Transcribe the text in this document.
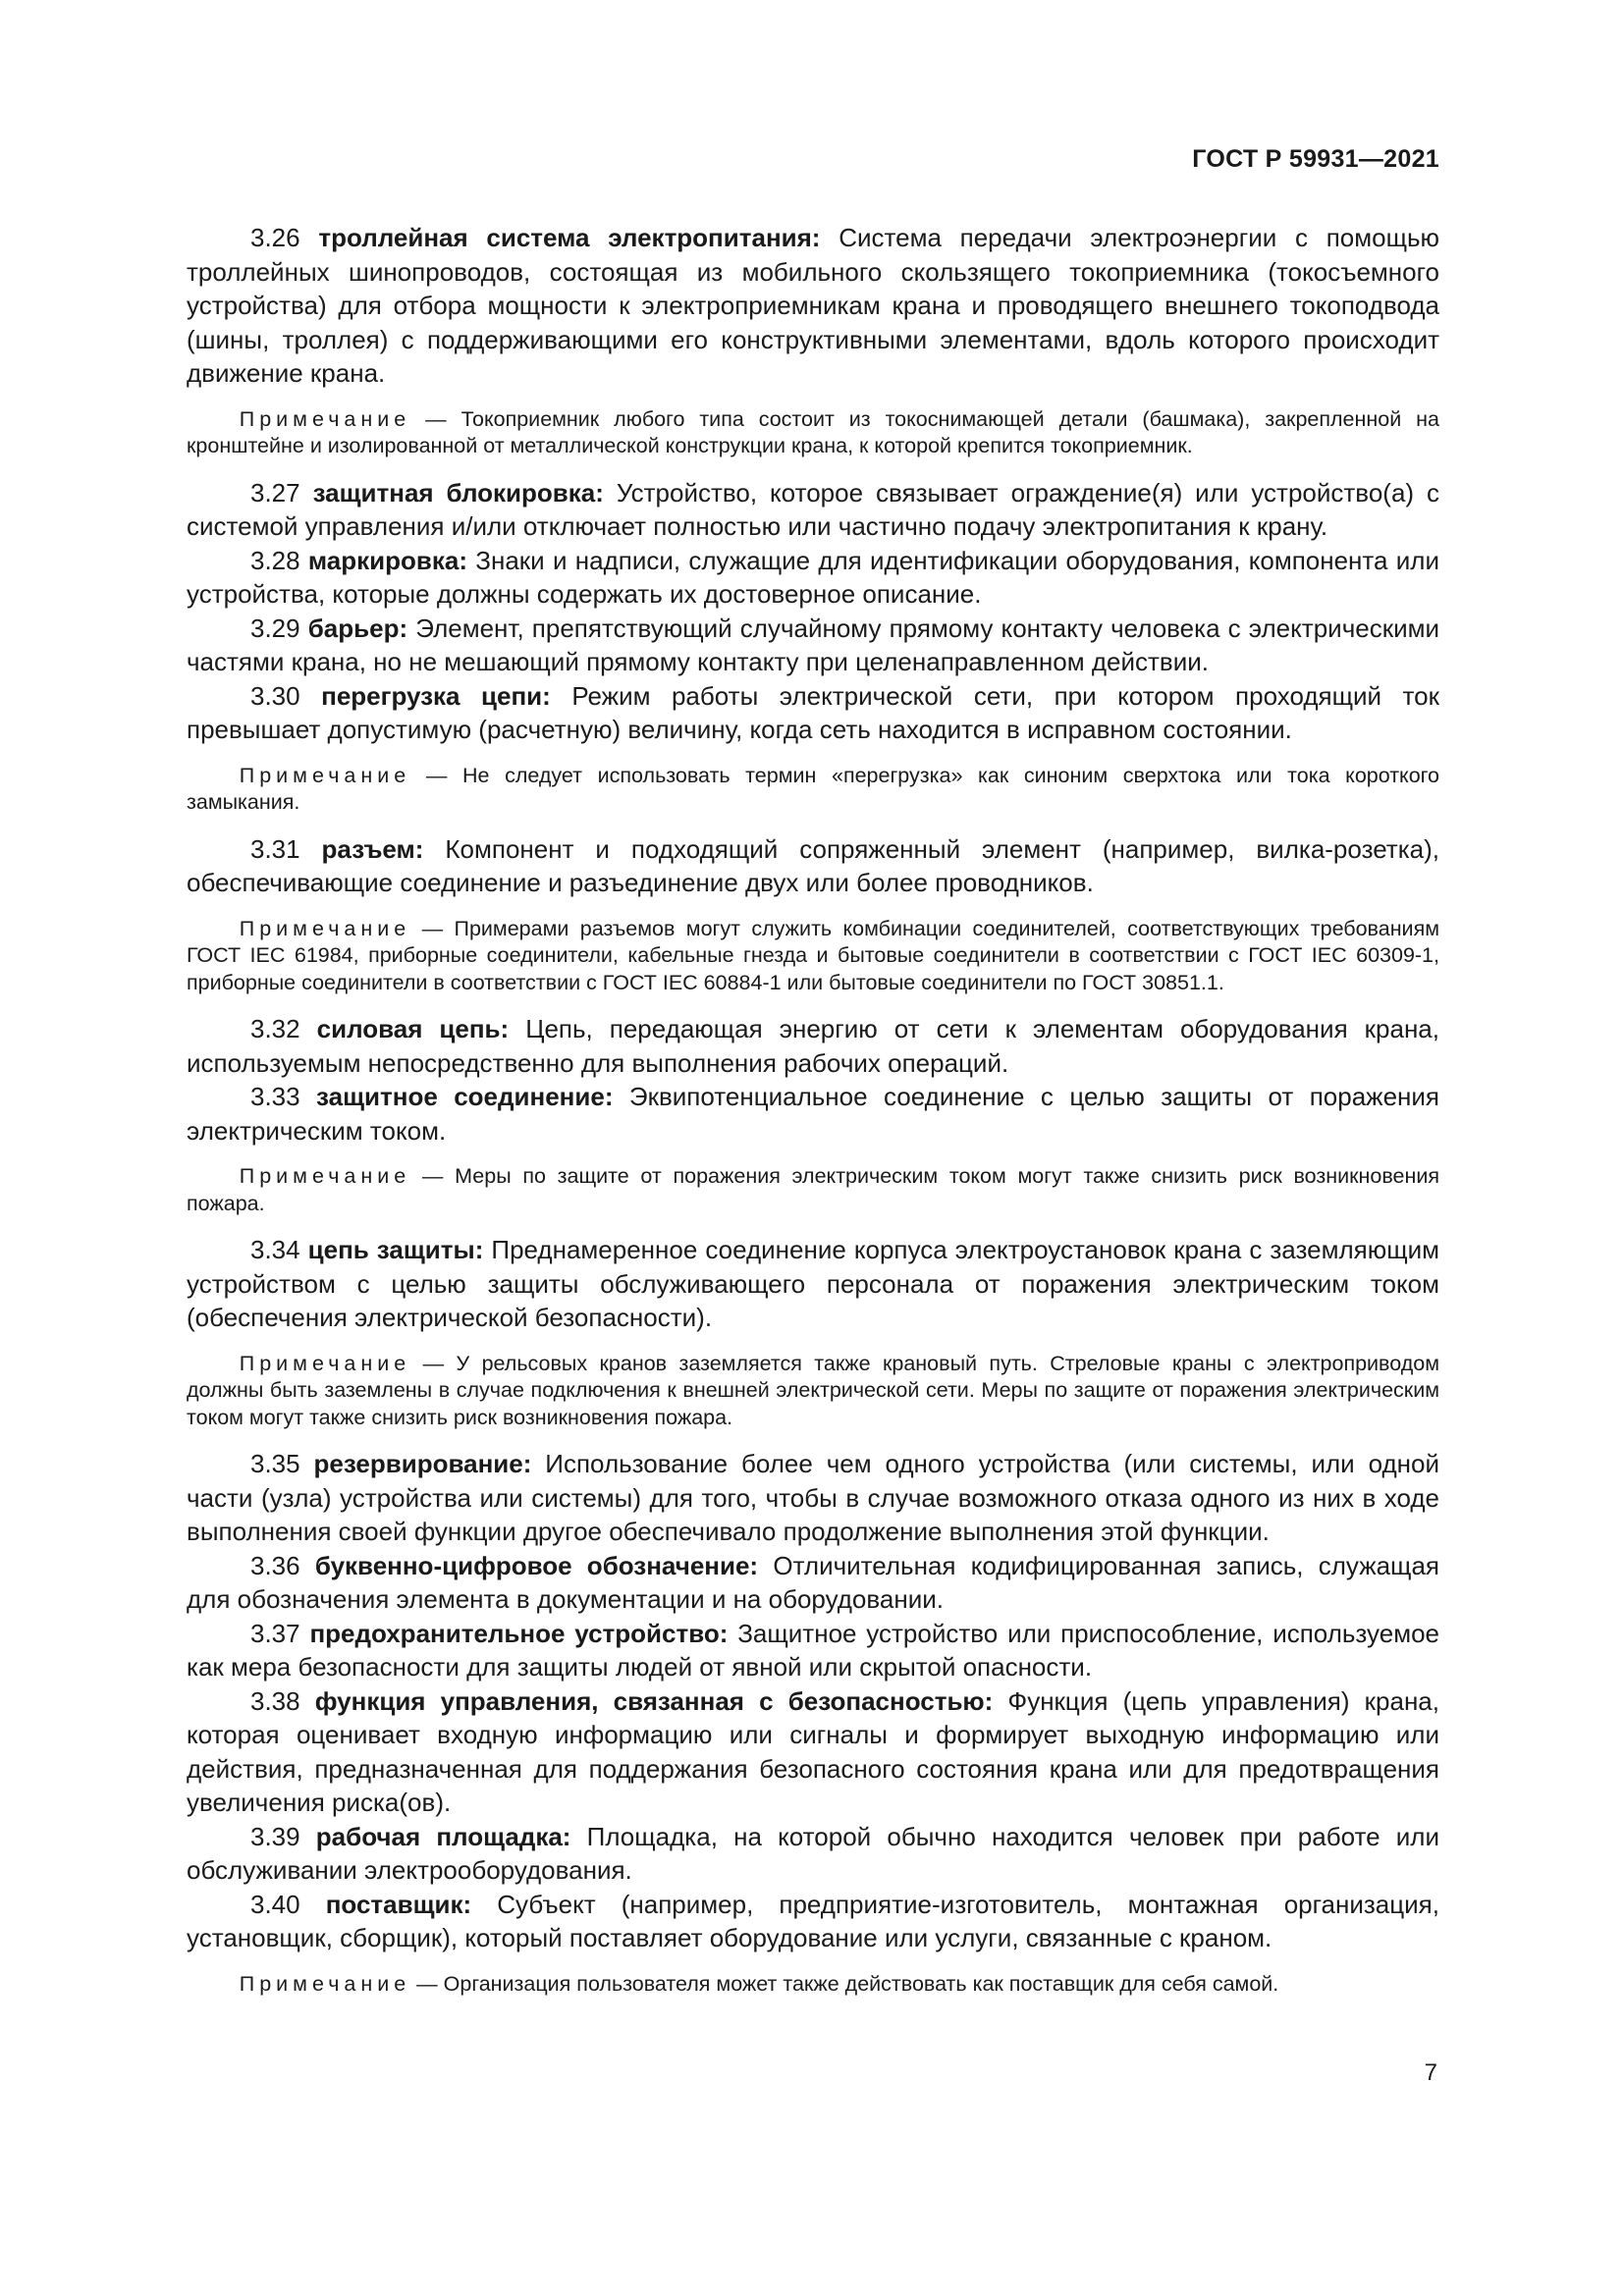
ГОСТ Р 59931—2021

3.26 троллейная система электропитания: Система передачи электроэнергии с помощью троллейных шинопроводов, состоящая из мобильного скользящего токоприемника (токосъемного устройства) для отбора мощности к электроприемникам крана и проводящего внешнего токоподвода (шины, троллея) с поддерживающими его конструктивными элементами, вдоль которого происходит движение крана.

Примечание — Токоприемник любого типа состоит из токоснимающей детали (башмака), закрепленной на кронштейне и изолированной от металлической конструкции крана, к которой крепится токоприемник.

3.27 защитная блокировка: Устройство, которое связывает ограждение(я) или устройство(а) с системой управления и/или отключает полностью или частично подачу электропитания к крану.

3.28 маркировка: Знаки и надписи, служащие для идентификации оборудования, компонента или устройства, которые должны содержать их достоверное описание.

3.29 барьер: Элемент, препятствующий случайному прямому контакту человека с электрическими частями крана, но не мешающий прямому контакту при целенаправленном действии.

3.30 перегрузка цепи: Режим работы электрической сети, при котором проходящий ток превышает допустимую (расчетную) величину, когда сеть находится в исправном состоянии.

Примечание — Не следует использовать термин «перегрузка» как синоним сверхтока или тока короткого замыкания.

3.31 разъем: Компонент и подходящий сопряженный элемент (например, вилка-розетка), обеспечивающие соединение и разъединение двух или более проводников.

Примечание — Примерами разъемов могут служить комбинации соединителей, соответствующих требованиям ГОСТ IEC 61984, приборные соединители, кабельные гнезда и бытовые соединители в соответствии с ГОСТ IEC 60309-1, приборные соединители в соответствии с ГОСТ IEC 60884-1 или бытовые соединители по ГОСТ 30851.1.

3.32 силовая цепь: Цепь, передающая энергию от сети к элементам оборудования крана, используемым непосредственно для выполнения рабочих операций.

3.33 защитное соединение: Эквипотенциальное соединение с целью защиты от поражения электрическим током.

Примечание — Меры по защите от поражения электрическим током могут также снизить риск возникновения пожара.

3.34 цепь защиты: Преднамеренное соединение корпуса электроустановок крана с заземляющим устройством с целью защиты обслуживающего персонала от поражения электрическим током (обеспечения электрической безопасности).

Примечание — У рельсовых кранов заземляется также крановый путь. Стреловые краны с электроприводом должны быть заземлены в случае подключения к внешней электрической сети. Меры по защите от поражения электрическим током могут также снизить риск возникновения пожара.

3.35 резервирование: Использование более чем одного устройства (или системы, или одной части (узла) устройства или системы) для того, чтобы в случае возможного отказа одного из них в ходе выполнения своей функции другое обеспечивало продолжение выполнения этой функции.

3.36 буквенно-цифровое обозначение: Отличительная кодифицированная запись, служащая для обозначения элемента в документации и на оборудовании.

3.37 предохранительное устройство: Защитное устройство или приспособление, используемое как мера безопасности для защиты людей от явной или скрытой опасности.

3.38 функция управления, связанная с безопасностью: Функция (цепь управления) крана, которая оценивает входную информацию или сигналы и формирует выходную информацию или действия, предназначенная для поддержания безопасного состояния крана или для предотвращения увеличения риска(ов).

3.39 рабочая площадка: Площадка, на которой обычно находится человек при работе или обслуживании электрооборудования.

3.40 поставщик: Субъект (например, предприятие-изготовитель, монтажная организация, установщик, сборщик), который поставляет оборудование или услуги, связанные с краном.

Примечание — Организация пользователя может также действовать как поставщик для себя самой.

7
